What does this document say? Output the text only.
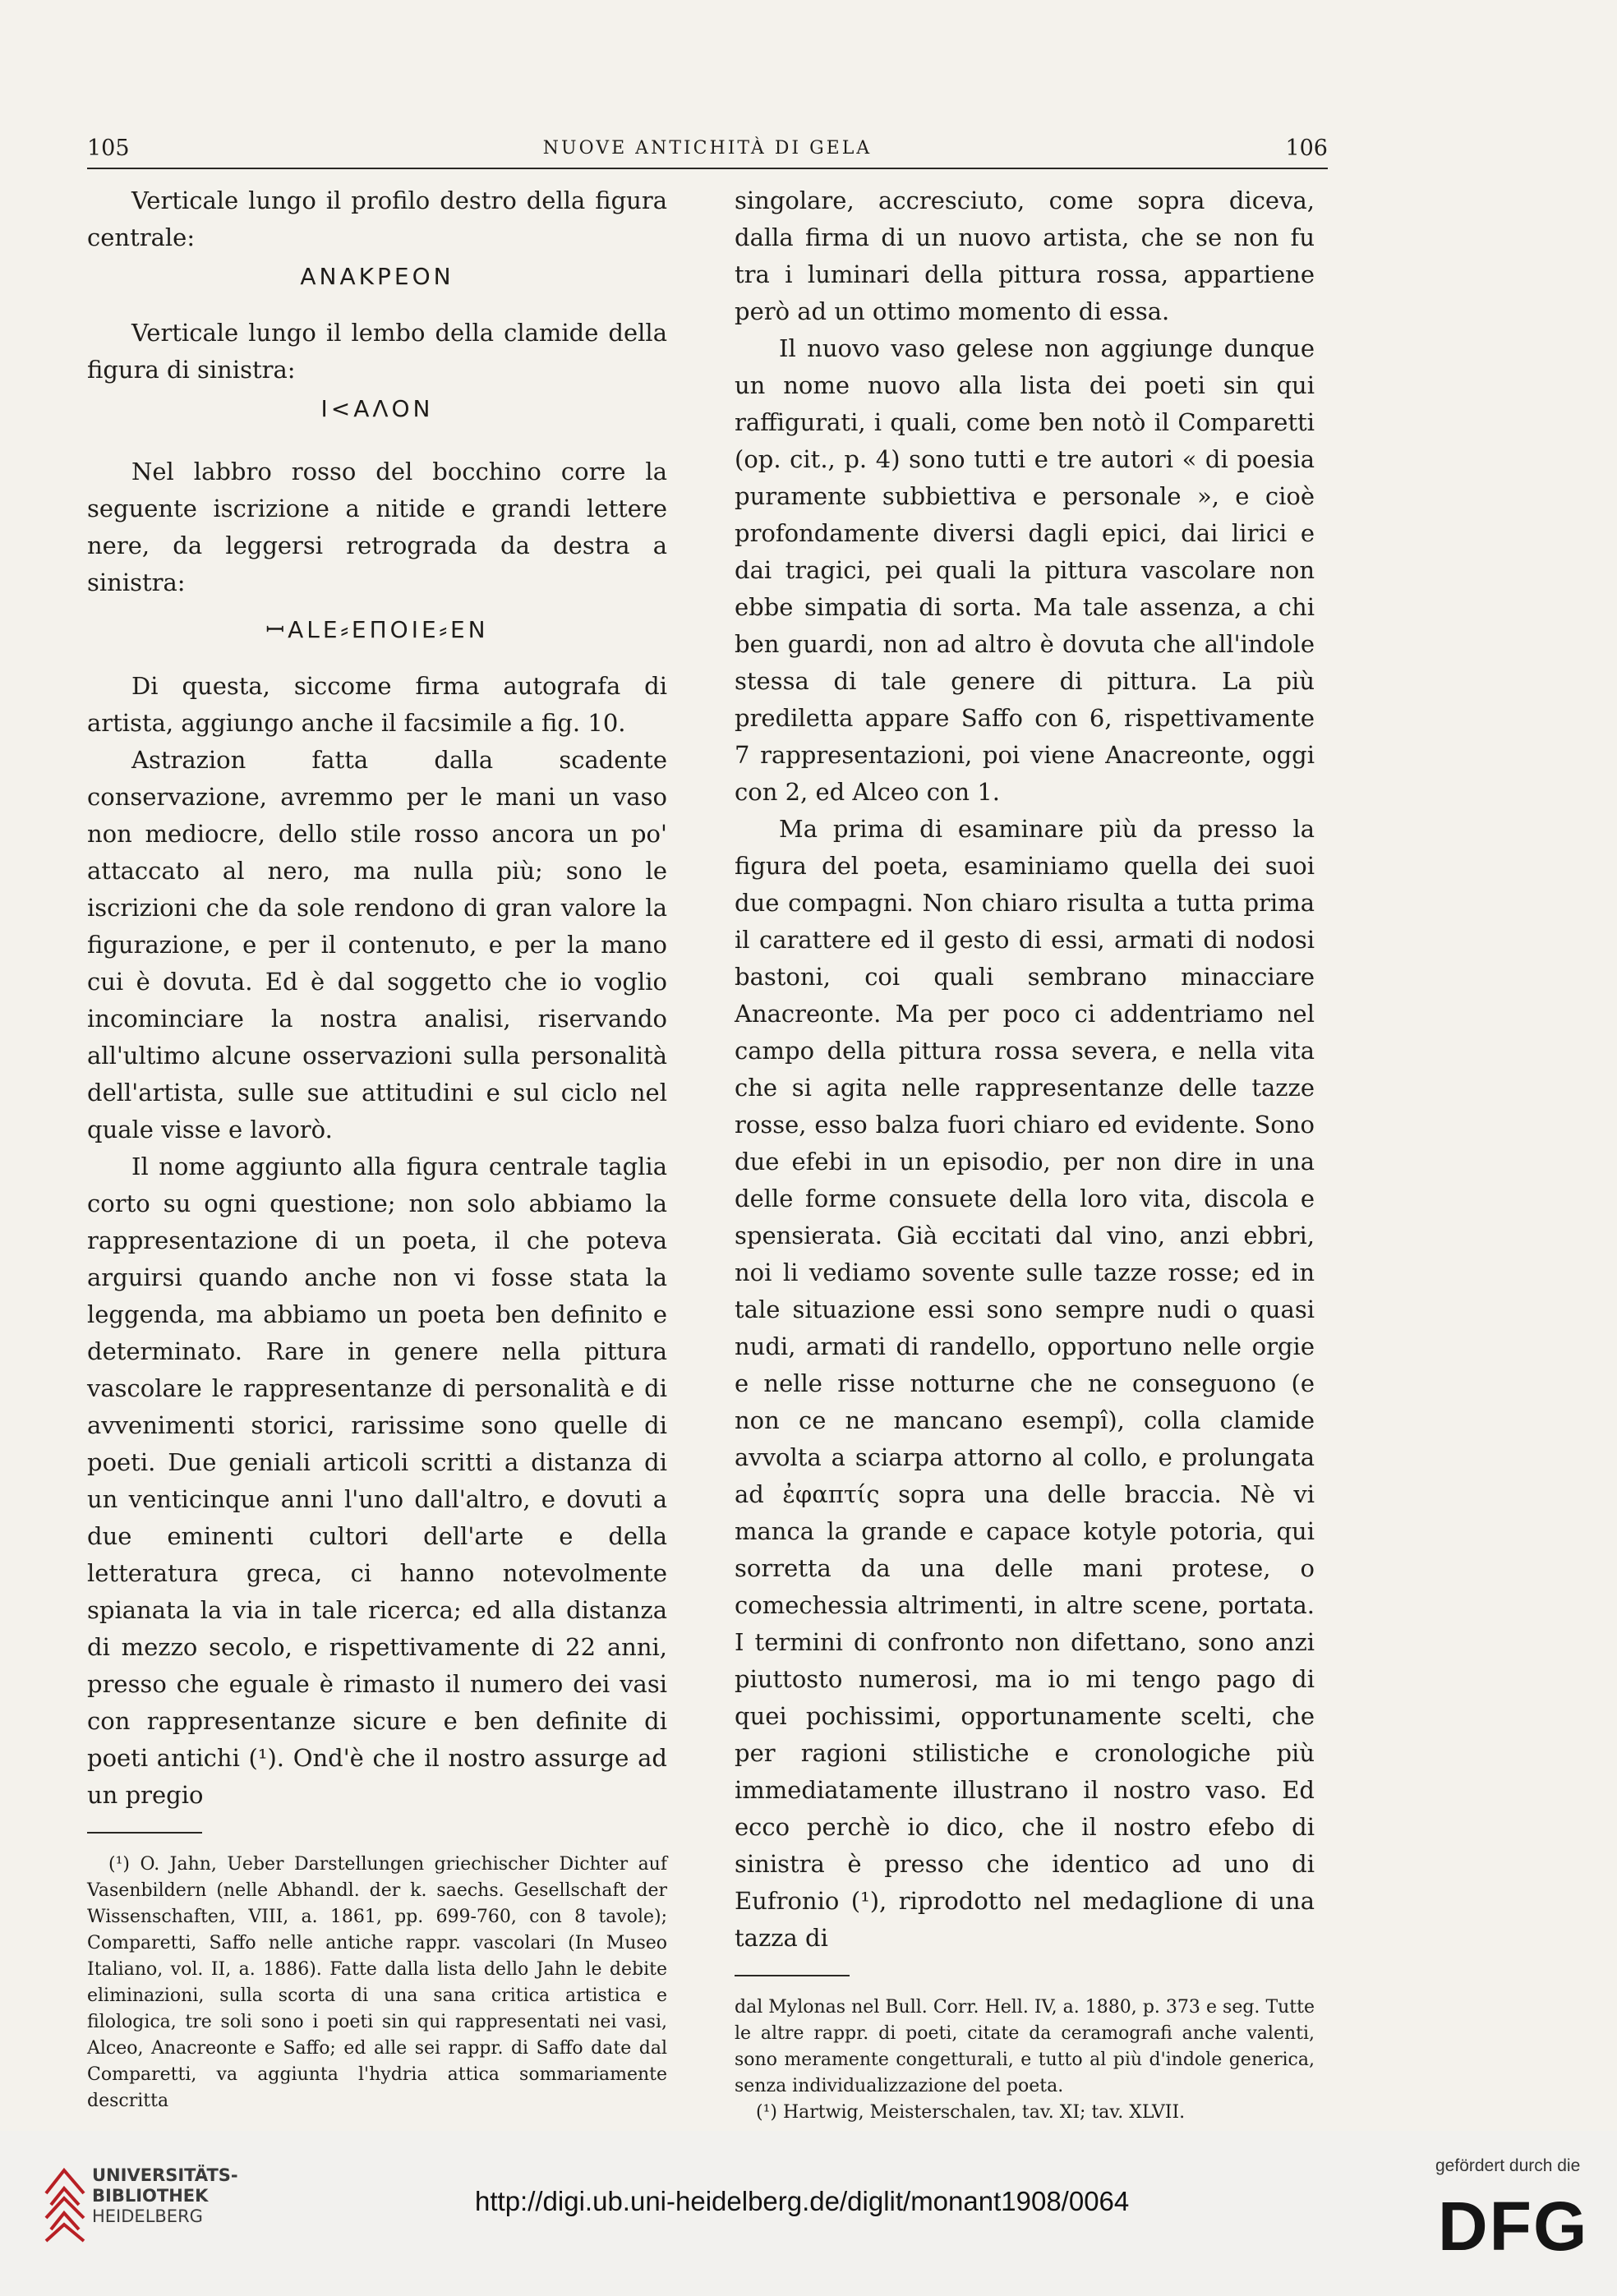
105	NUOVE ANTICHITÀ DI GELA	106

Verticale lungo il profilo destro della figura centrale:

ΑΝΑΚΡΕΟΝ

Verticale lungo il lembo della clamide della figura di sinistra:

I<ΑΛΟΝ

Nel labbro rosso del bocchino corre la seguente iscrizione a nitide e grandi lettere nere, da leggersi retrograda da destra a sinistra:

ꟷΑLΕ⸗ΕΠΟΙΕ⸗ΕΝ

Di questa, siccome firma autografa di artista, aggiungo anche il facsimile a fig. 10.

Astrazion fatta dalla scadente conservazione, avremmo per le mani un vaso non mediocre, dello stile rosso ancora un po' attaccato al nero, ma nulla più; sono le iscrizioni che da sole rendono di gran valore la figurazione, e per il contenuto, e per la mano cui è dovuta. Ed è dal soggetto che io voglio incominciare la nostra analisi, riservando all'ultimo alcune osservazioni sulla personalità dell'artista, sulle sue attitudini e sul ciclo nel quale visse e lavorò.

Il nome aggiunto alla figura centrale taglia corto su ogni questione; non solo abbiamo la rappresentazione di un poeta, il che poteva arguirsi quando anche non vi fosse stata la leggenda, ma abbiamo un poeta ben definito e determinato. Rare in genere nella pittura vascolare le rappresentanze di personalità e di avvenimenti storici, rarissime sono quelle di poeti. Due geniali articoli scritti a distanza di un venticinque anni l'uno dall'altro, e dovuti a due eminenti cultori dell'arte e della letteratura greca, ci hanno notevolmente spianata la via in tale ricerca; ed alla distanza di mezzo secolo, e rispettivamente di 22 anni, presso che eguale è rimasto il numero dei vasi con rappresentanze sicure e ben definite di poeti antichi (¹). Ond'è che il nostro assurge ad un pregio

(¹) O. Jahn, Ueber Darstellungen griechischer Dichter auf Vasenbildern (nelle Abhandl. der k. saechs. Gesellschaft der Wissenschaften, VIII, a. 1861, pp. 699-760, con 8 tavole); Comparetti, Saffo nelle antiche rappr. vascolari (In Museo Italiano, vol. II, a. 1886). Fatte dalla lista dello Jahn le debite eliminazioni, sulla scorta di una sana critica artistica e filologica, tre soli sono i poeti sin qui rappresentati nei vasi, Alceo, Anacreonte e Saffo; ed alle sei rappr. di Saffo date dal Comparetti, va aggiunta l'hydria attica sommariamente descritta

singolare, accresciuto, come sopra diceva, dalla firma di un nuovo artista, che se non fu tra i luminari della pittura rossa, appartiene però ad un ottimo momento di essa.

Il nuovo vaso gelese non aggiunge dunque un nome nuovo alla lista dei poeti sin qui raffigurati, i quali, come ben notò il Comparetti (op. cit., p. 4) sono tutti e tre autori « di poesia puramente subbiettiva e personale », e cioè profondamente diversi dagli epici, dai lirici e dai tragici, pei quali la pittura vascolare non ebbe simpatia di sorta. Ma tale assenza, a chi ben guardi, non ad altro è dovuta che all'indole stessa di tale genere di pittura. La più prediletta appare Saffo con 6, rispettivamente 7 rappresentazioni, poi viene Anacreonte, oggi con 2, ed Alceo con 1.

Ma prima di esaminare più da presso la figura del poeta, esaminiamo quella dei suoi due compagni. Non chiaro risulta a tutta prima il carattere ed il gesto di essi, armati di nodosi bastoni, coi quali sembrano minacciare Anacreonte. Ma per poco ci addentriamo nel campo della pittura rossa severa, e nella vita che si agita nelle rappresentanze delle tazze rosse, esso balza fuori chiaro ed evidente. Sono due efebi in un episodio, per non dire in una delle forme consuete della loro vita, discola e spensierata. Già eccitati dal vino, anzi ebbri, noi li vediamo sovente sulle tazze rosse; ed in tale situazione essi sono sempre nudi o quasi nudi, armati di randello, opportuno nelle orgie e nelle risse notturne che ne conseguono (e non ce ne mancano esempî), colla clamide avvolta a sciarpa attorno al collo, e prolungata ad ἐφαπτίς sopra una delle braccia. Nè vi manca la grande e capace kotyle potoria, qui sorretta da una delle mani protese, o comechessia altrimenti, in altre scene, portata. I termini di confronto non difettano, sono anzi piuttosto numerosi, ma io mi tengo pago di quei pochissimi, opportunamente scelti, che per ragioni stilistiche e cronologiche più immediatamente illustrano il nostro vaso. Ed ecco perchè io dico, che il nostro efebo di sinistra è presso che identico ad uno di Eufronio (¹), riprodotto nel medaglione di una tazza di

dal Mylonas nel Bull. Corr. Hell. IV, a. 1880, p. 373 e seg. Tutte le altre rappr. di poeti, citate da ceramografi anche valenti, sono meramente congetturali, e tutto al più d'indole generica, senza individualizzazione del poeta.

(¹) Hartwig, Meisterschalen, tav. XI; tav. XLVII.

UNIVERSITÄTS-
BIBLIOTHEK
HEIDELBERG	http://digi.ub.uni-heidelberg.de/diglit/monant1908/0064
gefördert durch die
DFG
